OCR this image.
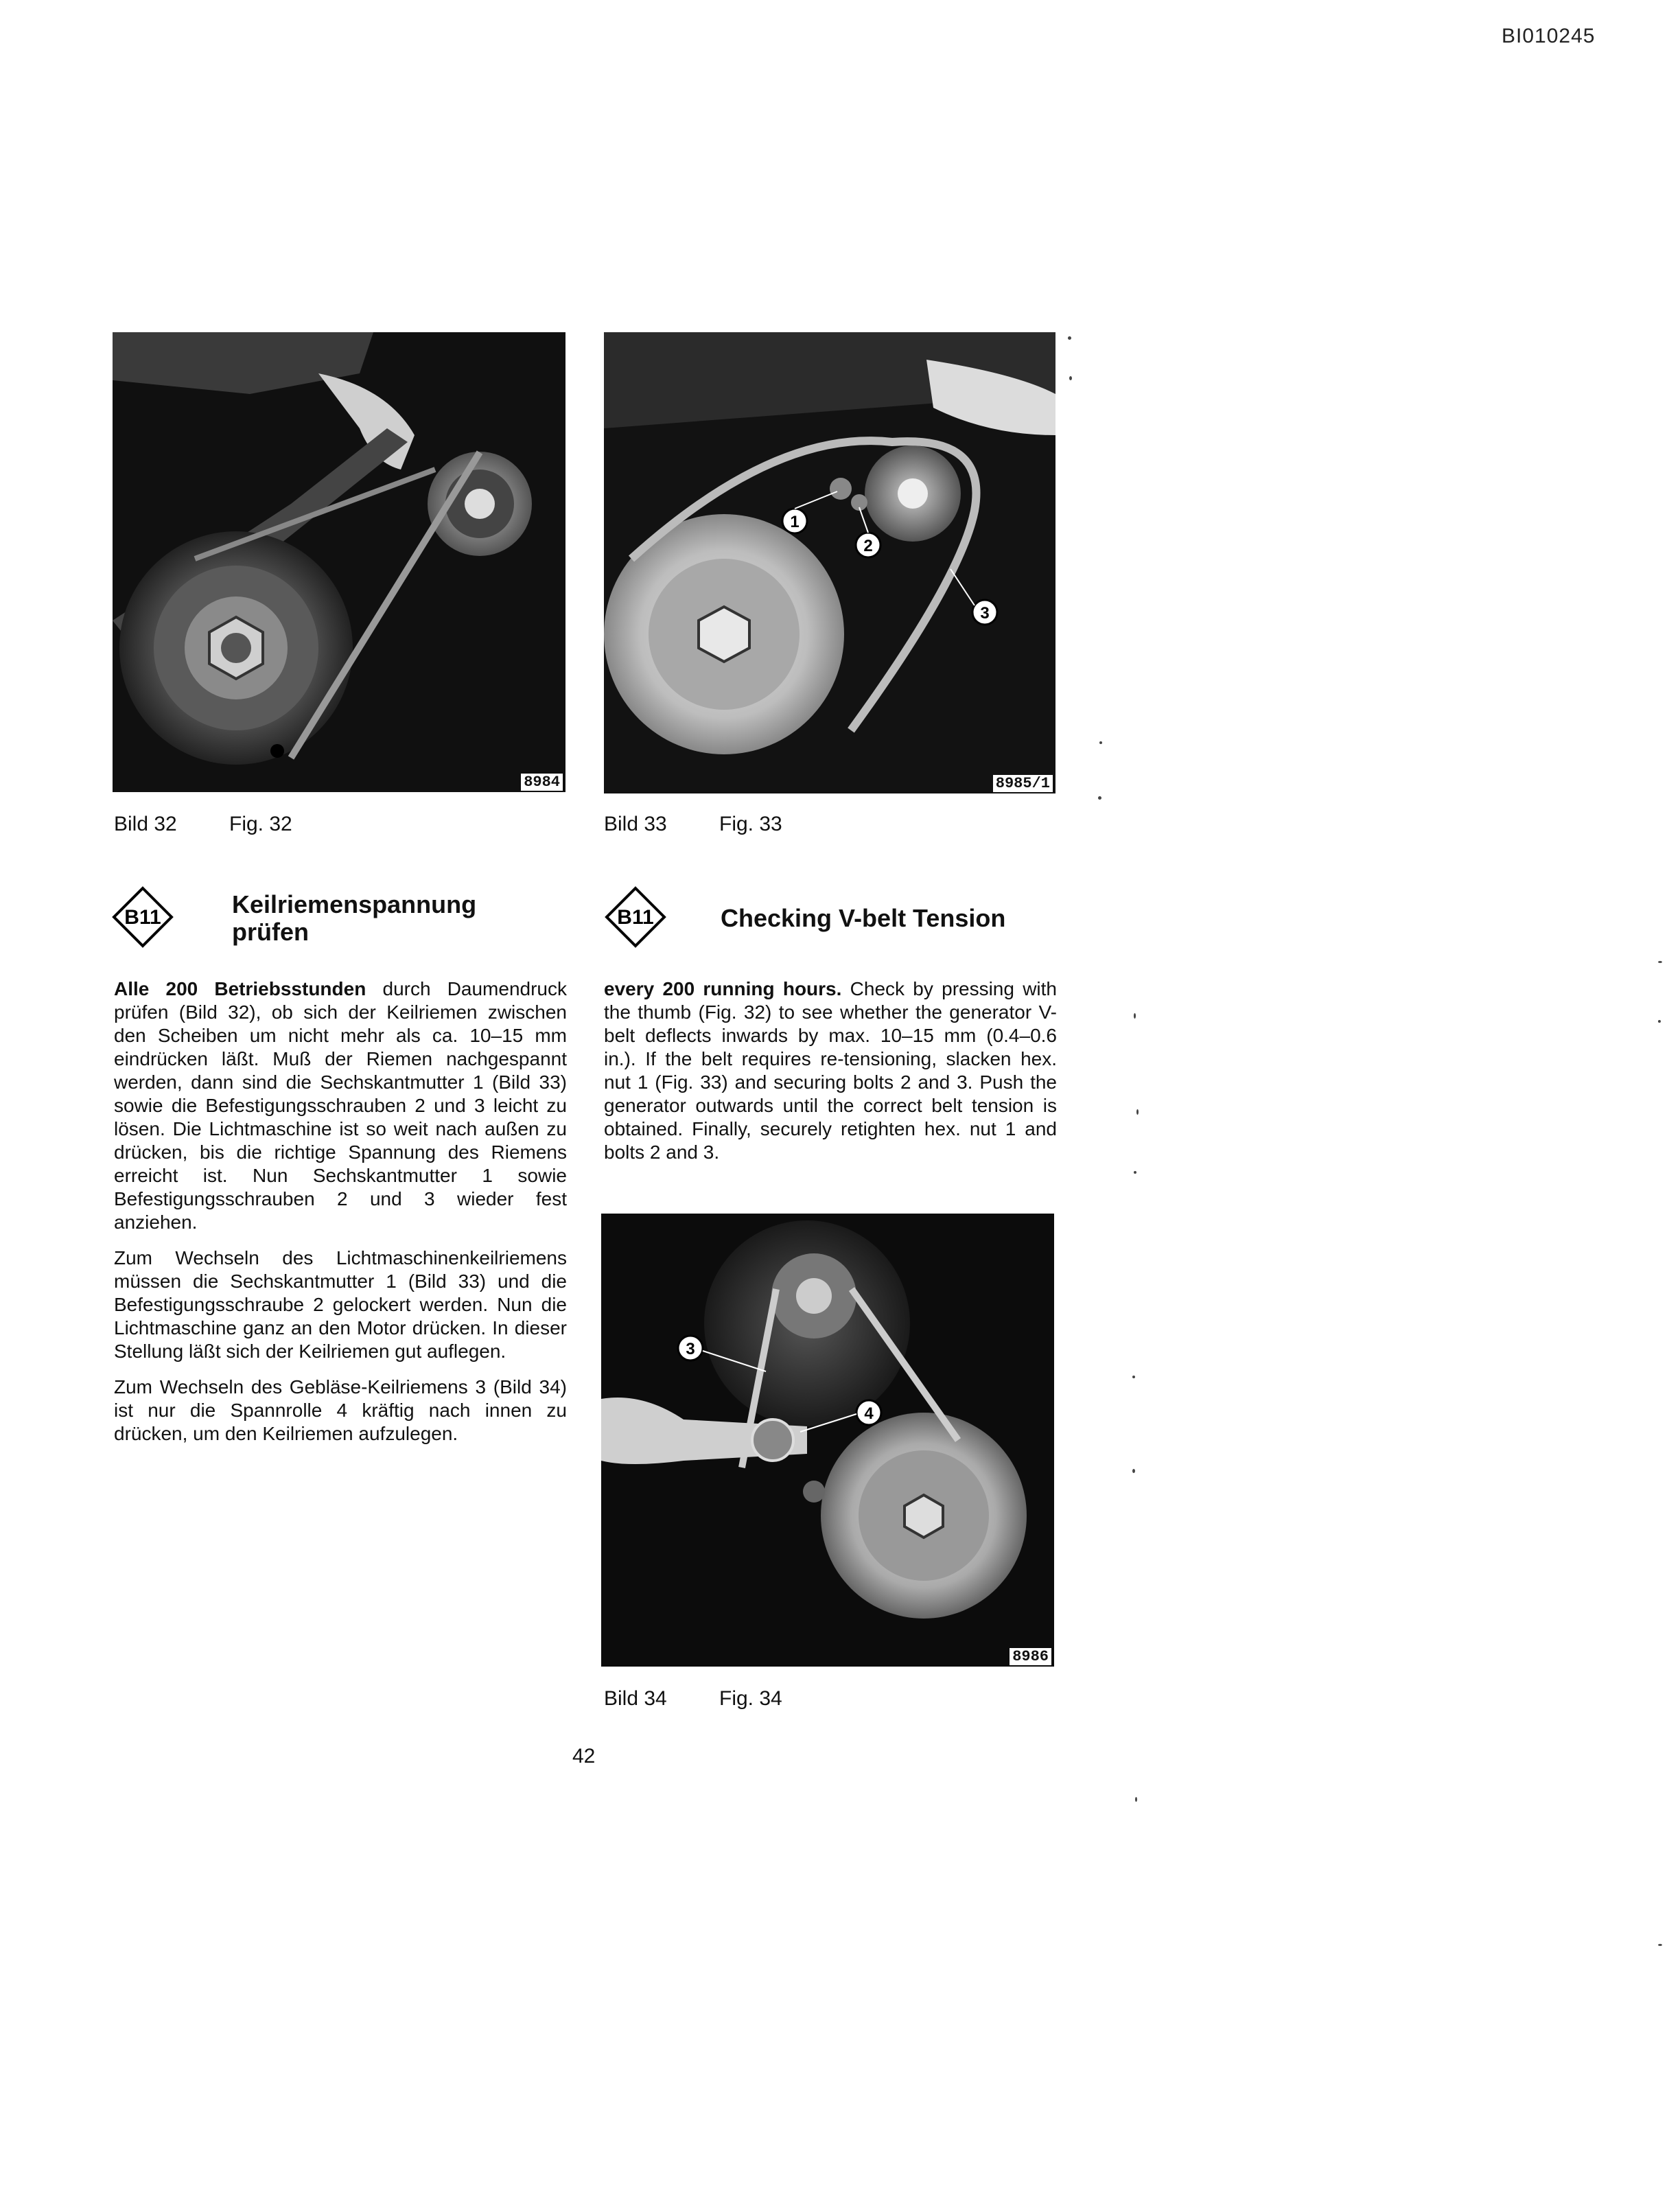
BI010245
8984
Bild 32	Fig. 32
1
2
3
8985/1
Bild 33	Fig. 33
B11	Keilriemenspannung
prüfen
B11	Checking V-belt Tension

Alle 200 Betriebsstunden durch Daumendruck prüfen (Bild 32), ob sich der Keilriemen zwischen den Scheiben um nicht mehr als ca. 10–15 mm eindrücken läßt. Muß der Riemen nachgespannt werden, dann sind die Sechskantmutter 1 (Bild 33) sowie die Befestigungsschrauben 2 und 3 leicht zu lösen. Die Lichtmaschine ist so weit nach außen zu drücken, bis die richtige Spannung des Riemens erreicht ist. Nun Sechskantmutter 1 sowie Befestigungsschrauben 2 und 3 wieder fest anziehen.

Zum Wechseln des Lichtmaschinenkeilriemens müssen die Sechskantmutter 1 (Bild 33) und die Befestigungsschraube 2 gelockert werden. Nun die Lichtmaschine ganz an den Motor drücken. In dieser Stellung läßt sich der Keilriemen gut auflegen.

Zum Wechseln des Gebläse-Keilriemens 3 (Bild 34) ist nur die Spannrolle 4 kräftig nach innen zu drücken, um den Keilriemen aufzulegen.

every 200 running hours. Check by pressing with the thumb (Fig. 32) to see whether the generator V-belt deflects inwards by max. 10–15 mm (0.4–0.6 in.). If the belt requires re-tensioning, slacken hex. nut 1 (Fig. 33) and securing bolts 2 and 3. Push the generator outwards until the correct belt tension is obtained. Finally, securely retighten hex. nut 1 and bolts 2 and 3.

3
4
8986
Bild 34	Fig. 34
42
